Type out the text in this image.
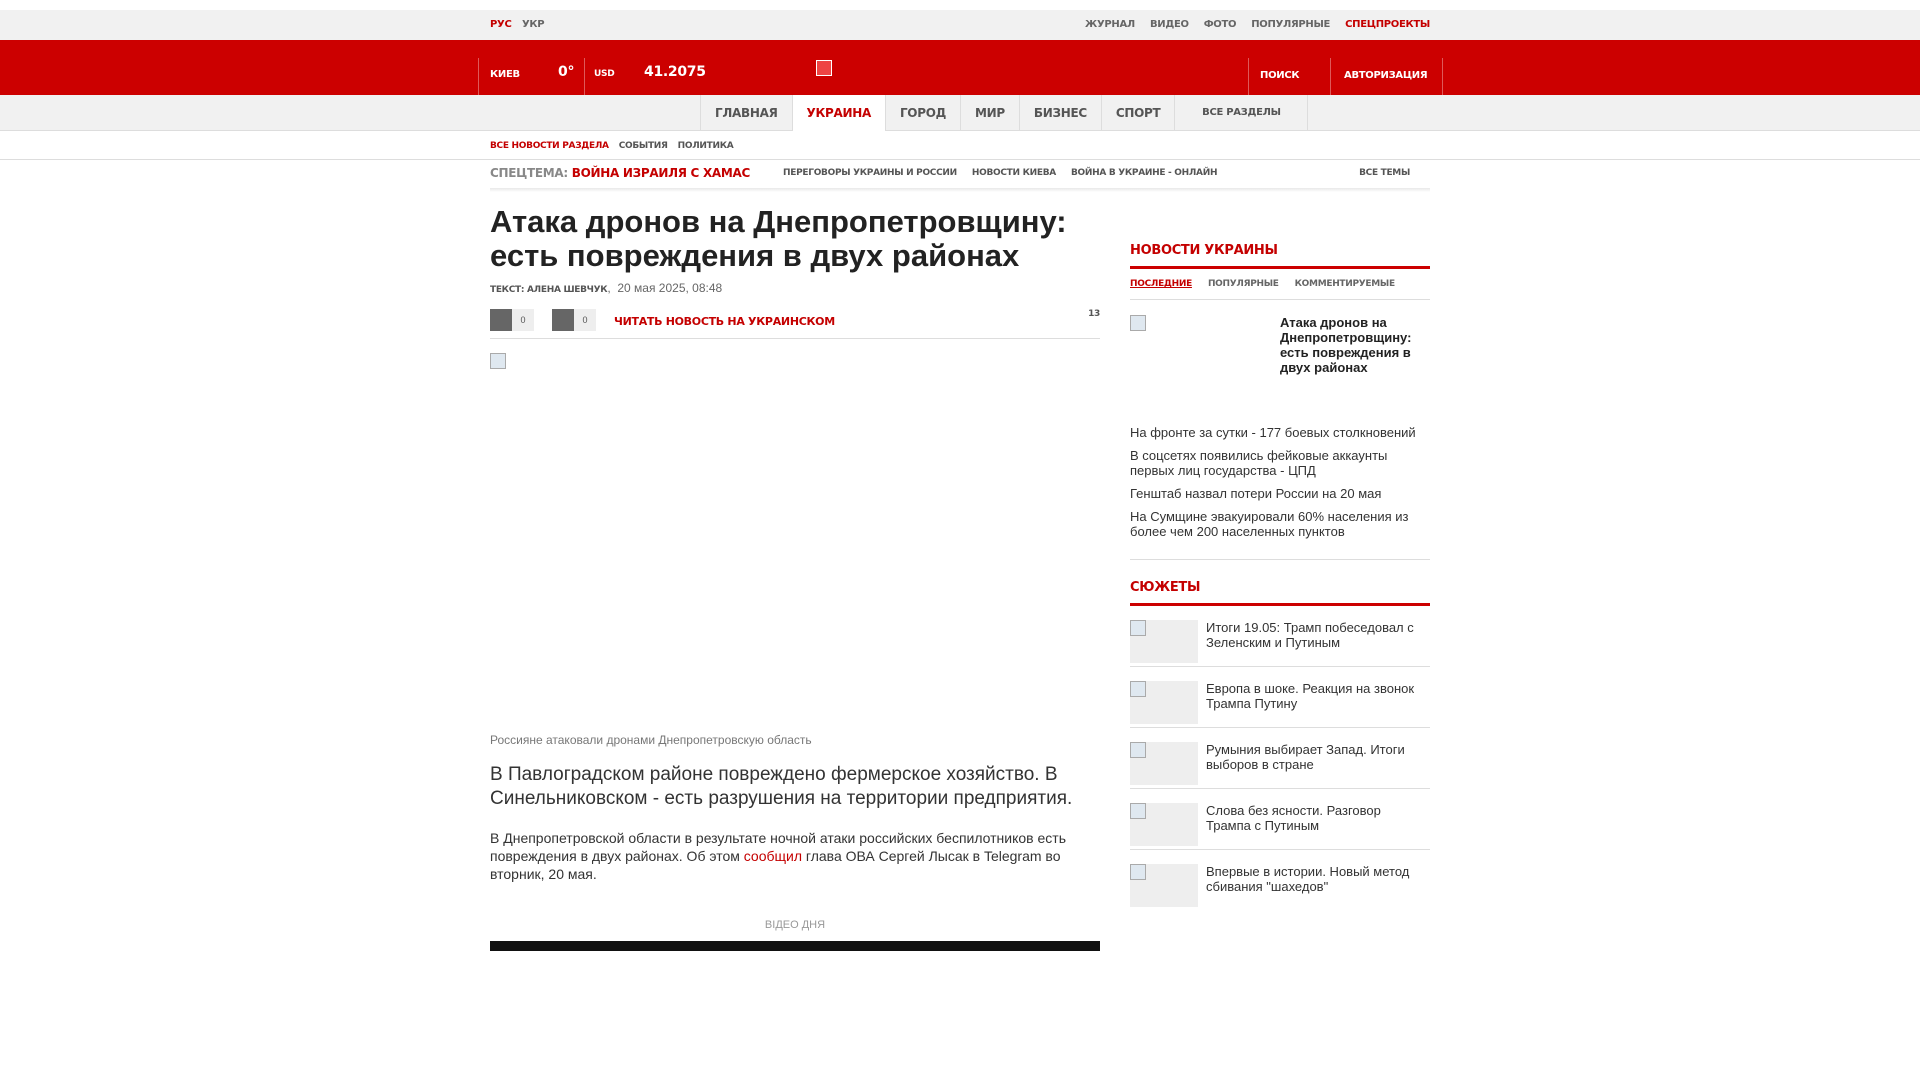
РУС УКР	ЖУРНАЛ ВИДЕО ФОТО ПОПУЛЯРНЫЕ СПЕЦПРОЕКТЫ
КИЕВ	0° USD 41.2075	ПОИСК	АВТОРИЗАЦИЯ
ГЛАВНАЯ	УКРАИНА	ГОРОД	МИР	БИЗНЕС	СПОРТ	ВСЕ РАЗДЕЛЫ
ВСЕ НОВОСТИ РАЗДЕЛА СОБЫТИЯ ПОЛИТИКА
СПЕЦТЕМА: ВОЙНА ИЗРАИЛЯ С ХАМАС	ПЕРЕГОВОРЫ УКРАИНЫ И РОССИИ НОВОСТИ КИЕВА ВОЙНА В УКРАИНЕ - ОНЛАЙН	ВСЕ ТЕМЫ
Атака дронов на Днепропетровщину: есть повреждения в двух районах
ТЕКСТ: АЛЕНА ШЕВЧУК,  20 мая 2025, 08:48
0	0	ЧИТАТЬ НОВОСТЬ НА УКРАИНСКОМ
13

Россияне атаковали дронами Днепропетровскую область

В Павлоградском районе повреждено фермерское хозяйство. В Синельниковском - есть разрушения на территории предприятия.

В Днепропетровской области в результате ночной атаки российских беспилотников есть повреждения в двух районах. Об этом сообщил глава ОВА Сергей Лысак в Telegram во вторник, 20 мая.

ВІДЕО ДНЯ
НОВОСТИ УКРАИНЫ
ПОСЛЕДНИЕ ПОПУЛЯРНЫЕ КОММЕНТИРУЕМЫЕ
Атака дронов на Днепропетровщину: есть повреждения в двух районах
На фронте за сутки - 177 боевых столкновений
В соцсетях появились фейковые аккаунты первых лиц государства - ЦПД
Генштаб назвал потери России на 20 мая
На Сумщине эвакуировали 60% населения из более чем 200 населенных пунктов
СЮЖЕТЫ
Итоги 19.05: Трамп побеседовал с Зеленским и Путиным
Европа в шоке. Реакция на звонок Трампа Путину
Румыния выбирает Запад. Итоги выборов в стране
Слова без ясности. Разговор Трампа с Путиным
Впервые в истории. Новый метод сбивания "шахедов"
